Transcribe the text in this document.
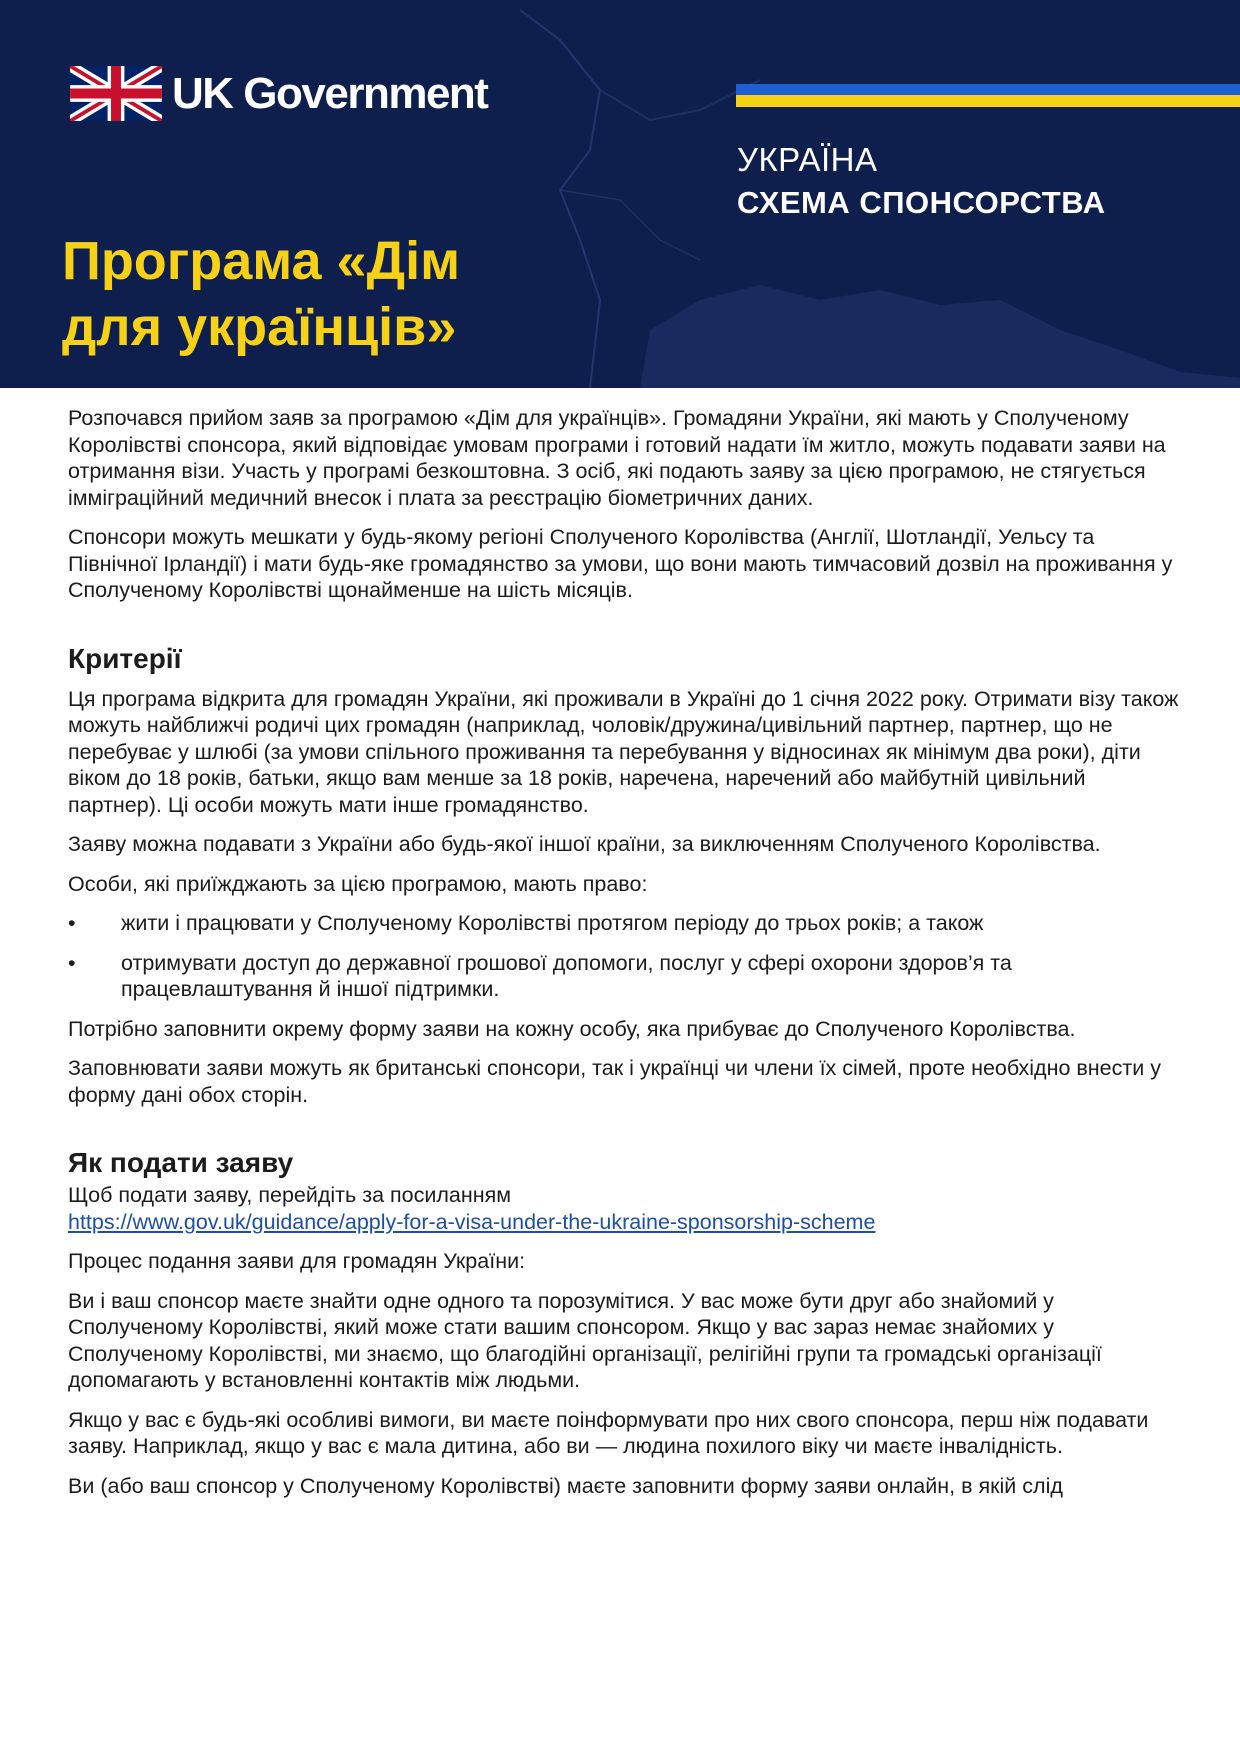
UK Government
УКРАЇНА
СХЕМА СПОНСОРСТВА
Програма «Дім
для українців»

Розпочався прийом заяв за програмою «Дім для українців». Громадяни України, які мають у Сполученому Королівстві спонсора, який відповідає умовам програми і готовий надати їм житло, можуть подавати заяви на отримання візи. Участь у програмі безкоштовна. З осіб, які подають заяву за цією програмою, не стягується імміграційний медичний внесок і плата за реєстрацію біометричних даних.

Спонсори можуть мешкати у будь-якому регіоні Сполученого Королівства (Англії, Шотландії, Уельсу та Північної Ірландії) і мати будь-яке громадянство за умови, що вони мають тимчасовий дозвіл на проживання у Сполученому Королівстві щонайменше на шість місяців.

Критерії

Ця програма відкрита для громадян України, які проживали в Україні до 1 січня 2022 року. Отримати візу також можуть найближчі родичі цих громадян (наприклад, чоловік/дружина/цивільний партнер, партнер, що не перебуває у шлюбі (за умови спільного проживання та перебування у відносинах як мінімум два роки), діти віком до 18 років, батьки, якщо вам менше за 18 років, наречена, наречений або майбутній цивільний партнер). Ці особи можуть мати інше громадянство.

Заяву можна подавати з України або будь-якої іншої країни, за виключенням Сполученого Королівства.

Особи, які приїжджають за цією програмою, мають право:

• жити і працювати у Сполученому Королівстві протягом періоду до трьох років; а також
• отримувати доступ до державної грошової допомоги, послуг у сфері охорони здоров’я та працевлаштування й іншої підтримки.

Потрібно заповнити окрему форму заяви на кожну особу, яка прибуває до Сполученого Королівства.

Заповнювати заяви можуть як британські спонсори, так і українці чи члени їх сімей, проте необхідно внести у форму дані обох сторін.

Як подати заяву

Щоб подати заяву, перейдіть за посиланням
https://www.gov.uk/guidance/apply-for-a-visa-under-the-ukraine-sponsorship-scheme

Процес подання заяви для громадян України:

Ви і ваш спонсор маєте знайти одне одного та порозумітися. У вас може бути друг або знайомий у Сполученому Королівстві, який може стати вашим спонсором. Якщо у вас зараз немає знайомих у Сполученому Королівстві, ми знаємо, що благодійні організації, релігійні групи та громадські організації допомагають у встановленні контактів між людьми.

Якщо у вас є будь-які особливі вимоги, ви маєте поінформувати про них свого спонсора, перш ніж подавати заяву. Наприклад, якщо у вас є мала дитина, або ви — людина похилого віку чи маєте інвалідність.

Ви (або ваш спонсор у Сполученому Королівстві) маєте заповнити форму заяви онлайн, в якій слід
